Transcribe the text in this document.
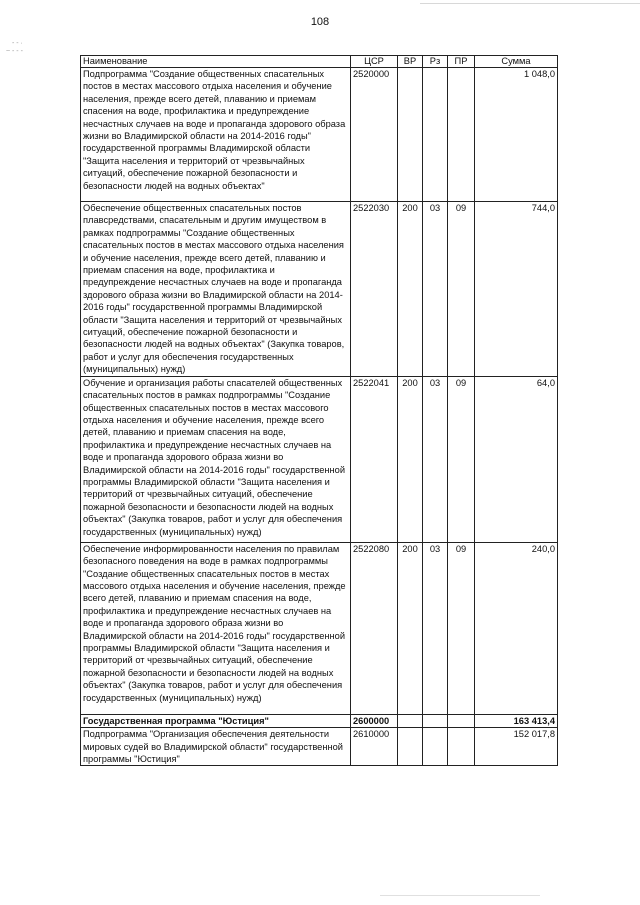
- - ·
~ - - -
108
Наименование	ЦСР	ВР	Рз	ПР	Сумма
Подпрограмма "Создание общественных спасательных постов в местах массового отдыха населения и обучение населения, прежде всего детей, плаванию и приемам спасения на воде, профилактика и предупреждение несчастных случаев на воде и пропаганда здорового образа жизни во Владимирской области на 2014-2016 годы" государственной программы Владимирской области "Защита населения и территорий от чрезвычайных ситуаций, обеспечение пожарной безопасности и безопасности людей на водных объектах"	2520000				1 048,0
Обеспечение общественных спасательных постов плавсредствами, спасательным и другим имуществом в рамках подпрограммы "Создание общественных спасательных постов в местах массового отдыха населения и обучение населения, прежде всего детей, плаванию и приемам спасения на воде, профилактика и предупреждение несчастных случаев на воде и пропаганда здорового образа жизни во Владимирской области на 2014-2016 годы" государственной программы Владимирской области "Защита населения и территорий от чрезвычайных ситуаций, обеспечение пожарной безопасности и безопасности людей на водных объектах" (Закупка товаров, работ и услуг для обеспечения государственных (муниципальных) нужд)	2522030	200	03	09	744,0
Обучение и организация работы спасателей общественных спасательных постов в рамках подпрограммы "Создание общественных спасательных постов в местах массового отдыха населения и обучение населения, прежде всего детей, плаванию и приемам спасения на воде, профилактика и предупреждение несчастных случаев на воде и пропаганда здорового образа жизни во Владимирской области на 2014-2016 годы" государственной программы Владимирской области "Защита населения и территорий от чрезвычайных ситуаций, обеспечение пожарной безопасности и безопасности людей на водных объектах" (Закупка товаров, работ и услуг для обеспечения государственных (муниципальных) нужд)	2522041	200	03	09	64,0
Обеспечение информированности населения по правилам безопасного поведения на воде в рамках подпрограммы "Создание общественных спасательных постов в местах массового отдыха населения и обучение населения, прежде всего детей, плаванию и приемам спасения на воде, профилактика и предупреждение несчастных случаев на воде и пропаганда здорового образа жизни во Владимирской области на 2014-2016 годы" государственной программы Владимирской области "Защита населения и территорий от чрезвычайных ситуаций, обеспечение пожарной безопасности и безопасности людей на водных объектах" (Закупка товаров, работ и услуг для обеспечения государственных (муниципальных) нужд)	2522080	200	03	09	240,0
Государственная программа "Юстиция"	2600000				163 413,4
Подпрограмма "Организация обеспечения деятельности мировых судей во Владимирской области" государственной программы "Юстиция"	2610000				152 017,8
